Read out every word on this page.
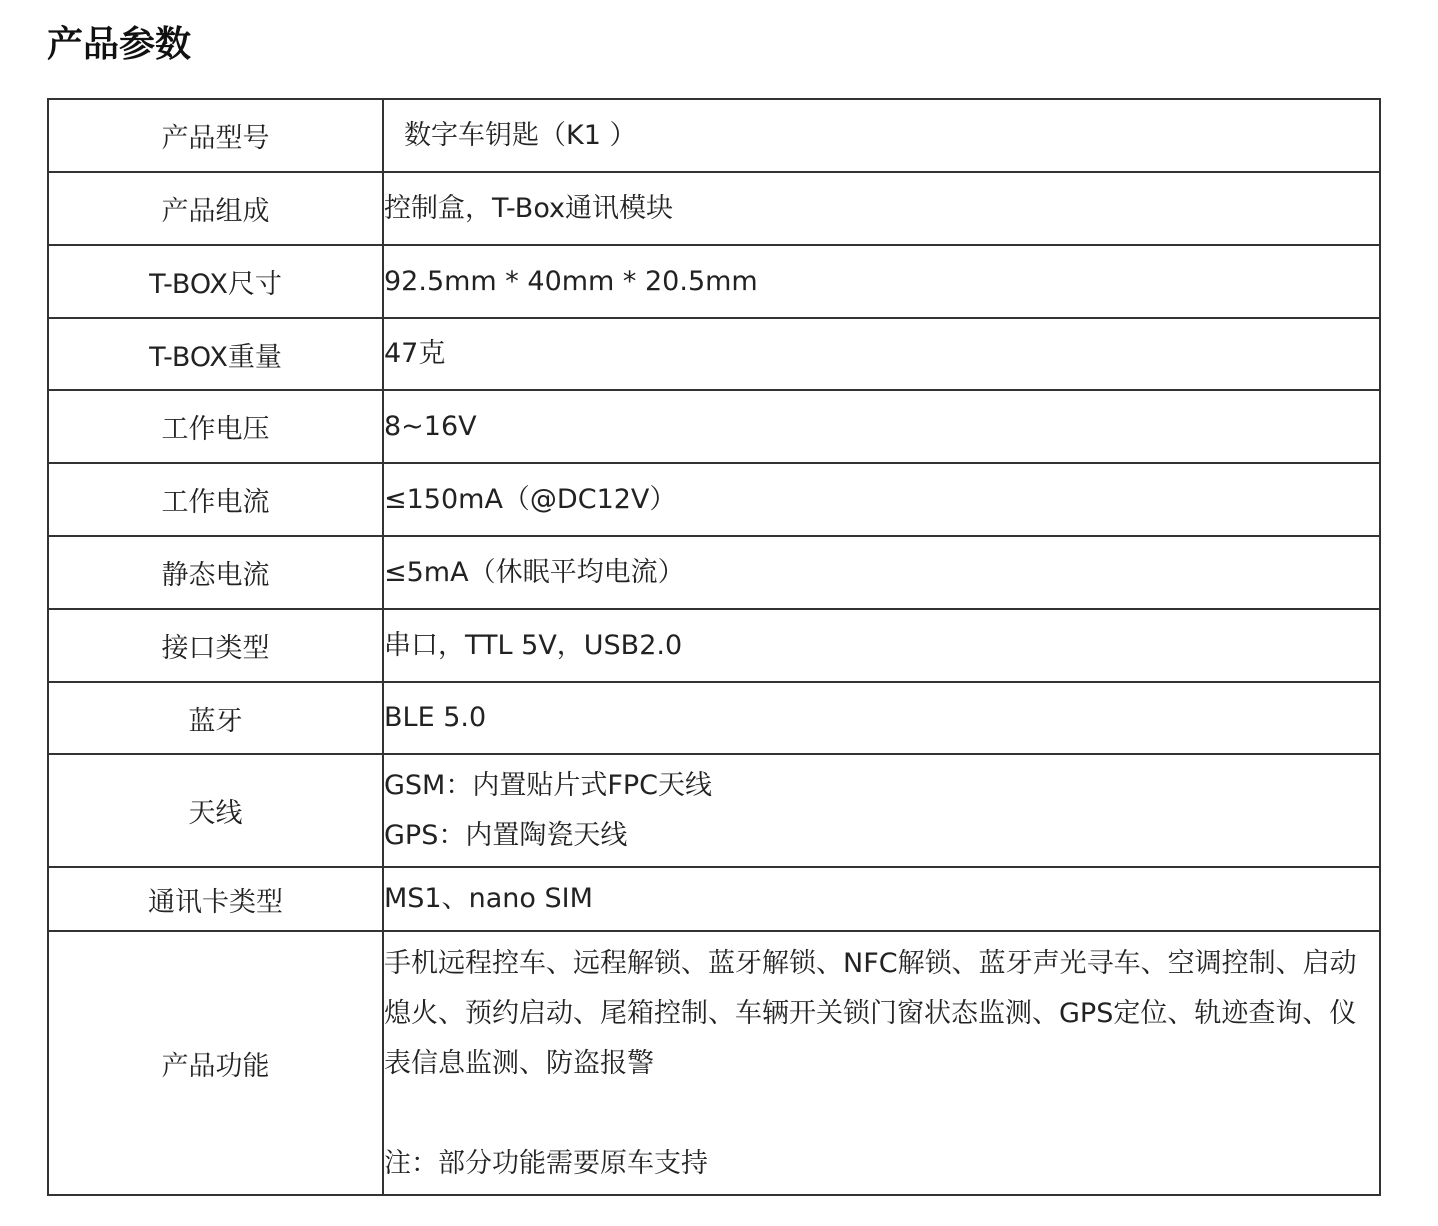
产品参数
产品型号	数字车钥匙（K1 ）

产品组成	控制盒，T-Box通讯模块

T-BOX尺寸	92.5mm * 40mm * 20.5mm

T-BOX重量	47克

工作电压	8~16V

工作电流	≤150mA（@DC12V）

静态电流	≤5mA（休眠平均电流）

接口类型	串口，TTL 5V，USB2.0

蓝牙	BLE 5.0

天线	GSM：内置贴片式FPC天线
GPS：内置陶瓷天线

通讯卡类型	MS1、nano SIM

产品功能	手机远程控车、远程解锁、蓝牙解锁、NFC解锁、蓝牙声光寻车、空调控制、启动熄火、预约启动、尾箱控制、车辆开关锁门窗状态监测、GPS定位、轨迹查询、仪表信息监测、防盗报警
注：部分功能需要原车支持
